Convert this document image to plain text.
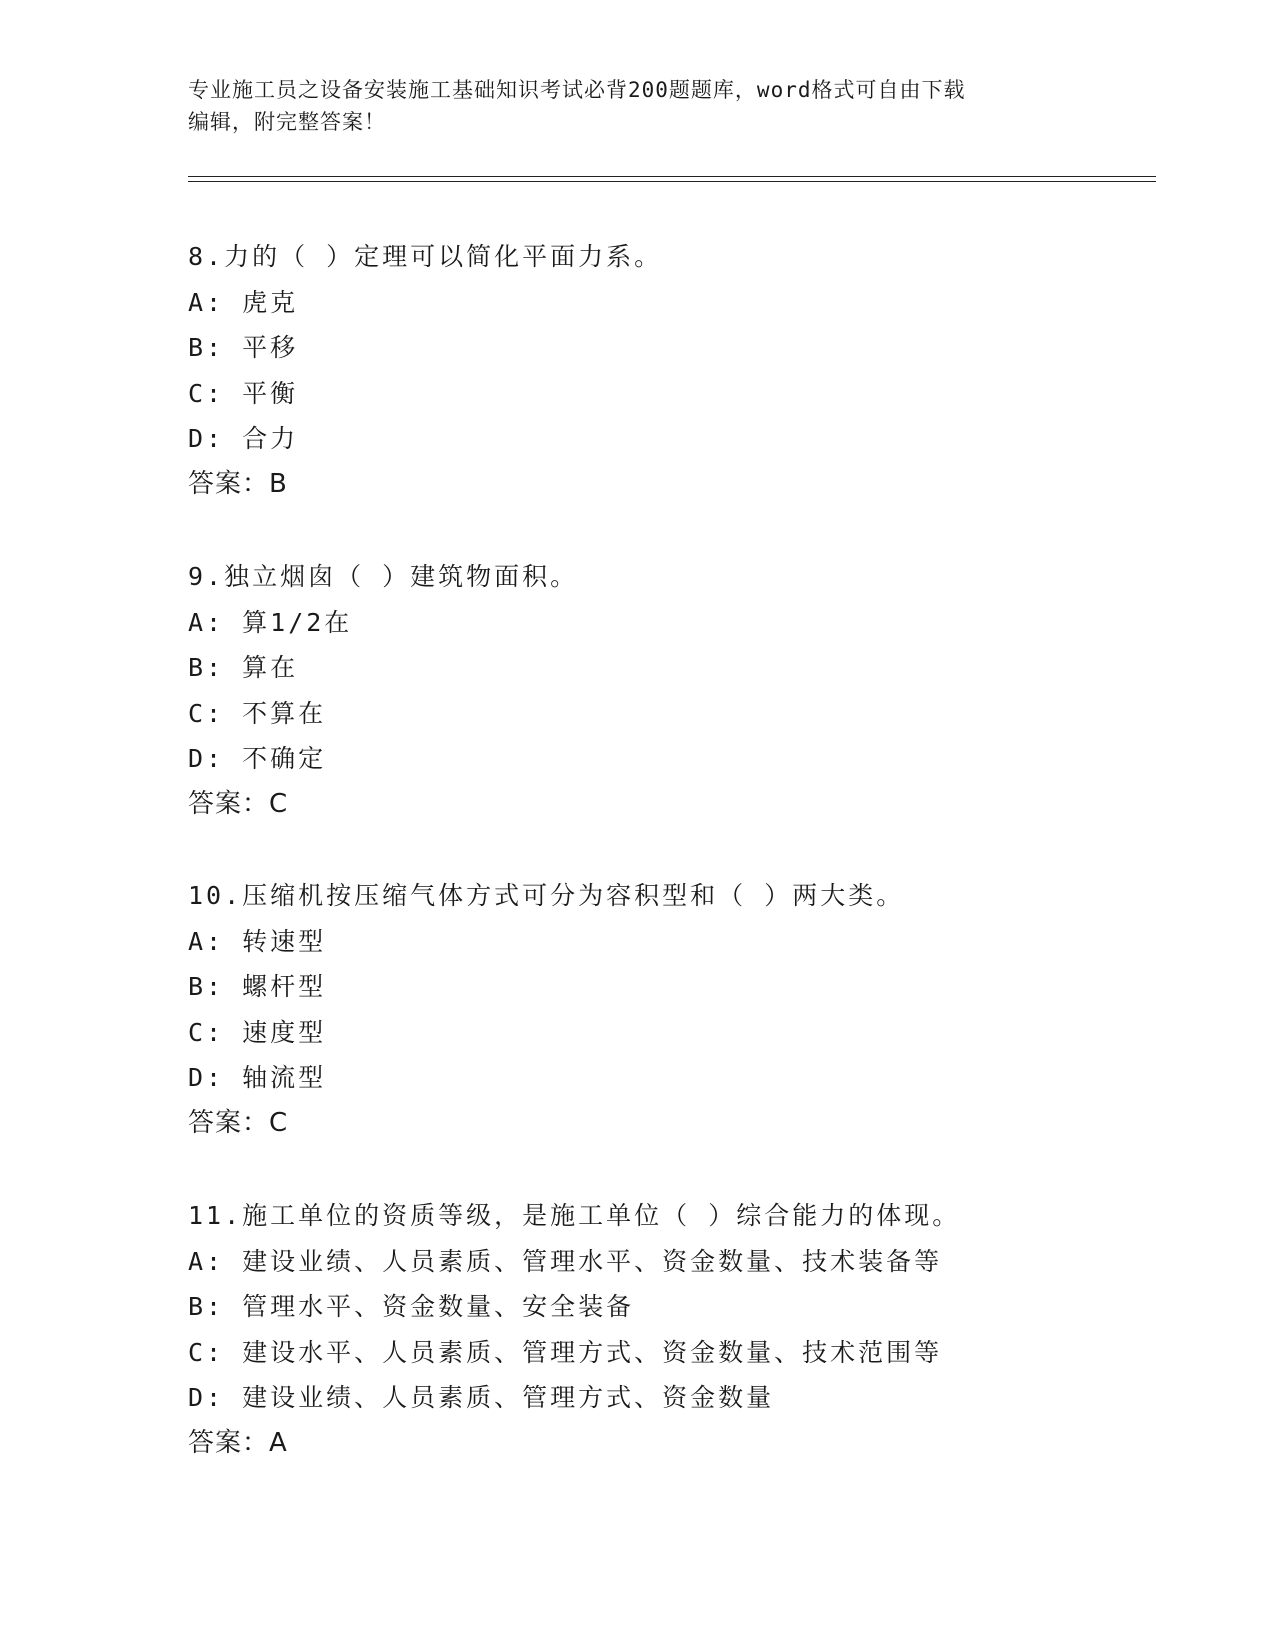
专业施工员之设备安装施工基础知识考试必背200题题库，word格式可自由下载
编辑，附完整答案！
8.力的（ ）定理可以简化平面力系。
A: 虎克
B: 平移
C: 平衡
D: 合力
答案：B
9.独立烟囱（ ）建筑物面积。
A: 算1/2在
B: 算在
C: 不算在
D: 不确定
答案：C
10.压缩机按压缩气体方式可分为容积型和（ ）两大类。
A: 转速型
B: 螺杆型
C: 速度型
D: 轴流型
答案：C
11.施工单位的资质等级，是施工单位（ ）综合能力的体现。
A: 建设业绩、人员素质、管理水平、资金数量、技术装备等
B: 管理水平、资金数量、安全装备
C: 建设水平、人员素质、管理方式、资金数量、技术范围等
D: 建设业绩、人员素质、管理方式、资金数量
答案：A
